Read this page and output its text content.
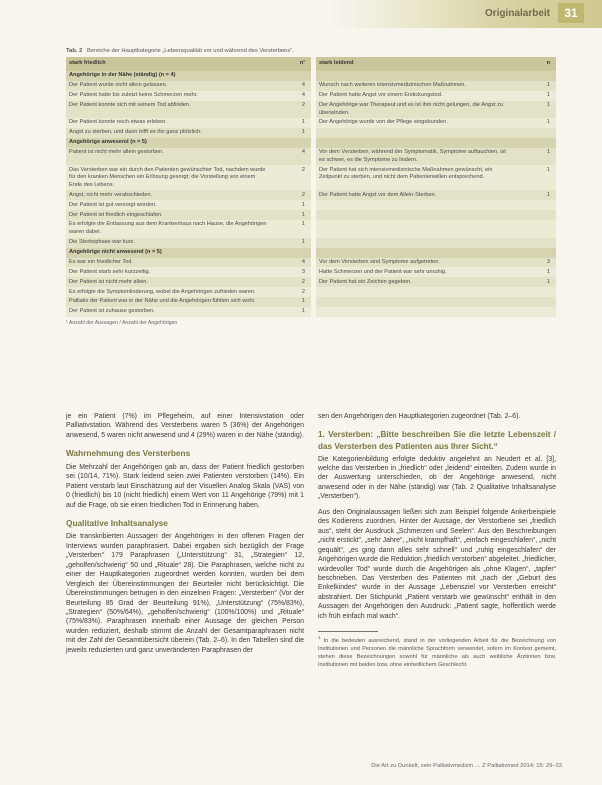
Originalarbeit	31
Tab. 2 Bereiche der Hauptkategorie „Lebensqualität vor und während des Versterbens“.
stark friedlich	n¹		stark leidend	n
Angehörige in der Nähe (ständig) (n = 4)				
Der Patient wurde nicht allein gelassen.	4		Wunsch nach weiteren intensivmedizinischen Maßnahmen.	1
Der Patient hatte bis zuletzt keine Schmerzen mehr.	4		Der Patient hatte Angst vor einem Erstickungstod.	1
Der Patient konnte sich mit seinem Tod abfinden.	2		Der Angehörige war Therapeut und es ist ihm nicht gelungen, die Angst zu überwinden.	1
Der Patient konnte noch etwas erleben.	1		Der Angehörige wurde von der Pflege eingebunden.	1
Angst zu sterben, und dann trifft es ihn ganz plötzlich.	1			
Angehörige anwesend (n = 5)				
Patient ist nicht mehr allein gestorben.	4		Vor dem Versterben, während der Symptomatik, Symptome auftauchten, ist es schwer, es die Symptome zu lindern.	1
Das Versterben war ein durch den Patienten gewünschter Tod, nachdem wurde für den kranken Menschen ein Erlösung gesorgt; die Vorstellung von einem Ende des Lebens.	2		Der Patient hat sich intensivmedizinische Maßnahmen gewünscht, ein Zeitpunkt zu sterben, und nicht dem Patientenwillen entsprechend.	1
Angst, nicht mehr verabschieden.	2		Der Patient hatte Angst vor dem Allein-Sterben.	1
Der Patient ist gut versorgt worden.	1			
Der Patient ist friedlich eingeschlafen.	1			
Es erfolgte die Entlassung aus dem Krankenhaus nach Hause, die Angehörigen waren dabei.	1			
Die Sterbephase war kurz.	1			
Angehörige nicht anwesend (n = 5)				
Es war ein friedlicher Tod.	4		Vor dem Versterben sind Symptome aufgetreten.	3
Der Patient starb sehr kurzzeitig.	3		Hatte Schmerzen und der Patient war sehr unruhig.	1
Der Patient ist nicht mehr allein.	2		Der Patient hat ein Zeichen gegeben.	1
Es erfolgte die Symptomlinderung, wobei die Angehörigen zufrieden waren.	2			
Palliativ der Patient war in der Nähe und die Angehörigen fühlten sich wohl.	1			
Der Patient ist zuhause gestorben.	1			
¹ Anzahl der Aussagen / Anzahl der Angehörigen

je ein Patient (7%) im Pflegeheim, auf einer Intensivstation oder Palliativstation. Während des Versterbens waren 5 (36%) der Angehörigen anwesend, 5 waren nicht anwesend und 4 (29%) waren in der Nähe (ständig).

Wahrnehmung des Versterbens

Die Mehrzahl der Angehörigen gab an, dass der Patient friedlich gestorben sei (10/14, 71%). Stark leidend seien zwei Patienten verstorben (14%). Ein Patient verstarb laut Einschätzung auf der Visuellen Analog Skala (VAS) von 0 (friedlich) bis 10 (nicht friedlich) einem Wert von 11 Angehörige (79%) mit 1 auf die Frage, ob sie einen friedlichen Tod in Erinnerung haben.

Qualitative Inhaltsanalyse

Die transkribierten Aussagen der Angehörigen in den offenen Fragen der Interviews wurden paraphrasiert. Dabei ergaben sich bezüglich der Frage „Versterben“ 179 Paraphrasen („Unterstützung“ 31, „Strategien“ 12, „geholfen/schwierig“ 50 und „Rituale“ 28). Die Paraphrasen, welche nicht zu einer der Hauptkategorien zugeordnet werden konnten, wurden bei dem Vergleich der Übereinstimmungen der Beurteiler nicht berücksichtigt. Die Übereinstimmungen betrugen in den einzelnen Fragen: „Versterben“ (Vor der Beurteilung 85 Grad der Beurteilung 91%), „Unterstützung“ (75%/83%), „Strategien“ (50%/64%), „geholfen/schwierig“ (100%/100%) und „Rituale“ (75%/83%). Paraphrasen innerhalb einer Aussage der gleichen Person wurden reduziert, deshalb stimmt die Anzahl der Gesamtparaphrasen nicht mit der Zahl der Gesamtübersicht überein (Tab. 2–6). In den Tabellen sind die jeweils reduzierten und ganz unveränderten Paraphrasen der

sen den Angehörigen den Hauptkategorien zugeordnet (Tab. 2–6).

1. Versterben: „Bitte beschreiben Sie die letzte Lebenszeit / das Versterben des Patienten aus Ihrer Sicht.“

Die Kategorienbildung erfolgte deduktiv angelehnt an Neudert et al. [3], welche das Versterben in „friedlich“ oder „leidend“ einteilten. Zudem wurde in der Auswertung unterschieden, ob der Angehörige anwesend, nicht anwesend oder in der Nähe (ständig) war (Tab. 2 Qualitative Inhaltsanalyse „Versterben“).

Aus den Originalaussagen ließen sich zum Beispiel folgende Ankerbeispiele des Kodierens zuordnen. Hinter der Aussage, der Verstorbene sei „friedlich aus“, steht der Ausdruck „Schmerzen und Seelen“. Aus den Beschreibungen „nicht erstickt“, „sehr Jahre“, „nicht krampfhaft“, „einfach eingeschlafen“, „nicht gequält“, „es ging dann alles sehr schnell“ und „ruhig eingeschlafen“ der Angehörigen wurde die Reduktion „friedlich verstorben“ abgeleitet. „friedlicher, würdevoller Tod“ wurde durch die Angehörigen als „ohne Klagen“, „tapfer“ beschrieben. Das Versterben des Patienten mit „nach der „Geburt des Enkelkindes“ wurde in der Aussage „Lebensziel vor Versterben erreicht“ abstrahiert. Der Stichpunkt „Patient verstarb wie gewünscht“ enthält in den Aussagen der Angehörigen den Ausdruck: „Patient sagte, hoffentlich werde ich früh einfach mal wach“.

$^1$ In die bedeuten ausreichend, stand in der vorliegenden Arbeit für die Bezeichnung von Institutionen und Personen die männliche Sprachform verwendet, sofern im Kontext gemeint, stehen diese Bezeichnungen sowohl für männliche als auch weibliche Ärztinnen bzw. Institutionen mit beiden bzw. ohne einheitlichem Geschlecht.
Die Art zu Dunkelt, sein Palliativmedizin … Z Palliativmed 2014; 15: 29–33
